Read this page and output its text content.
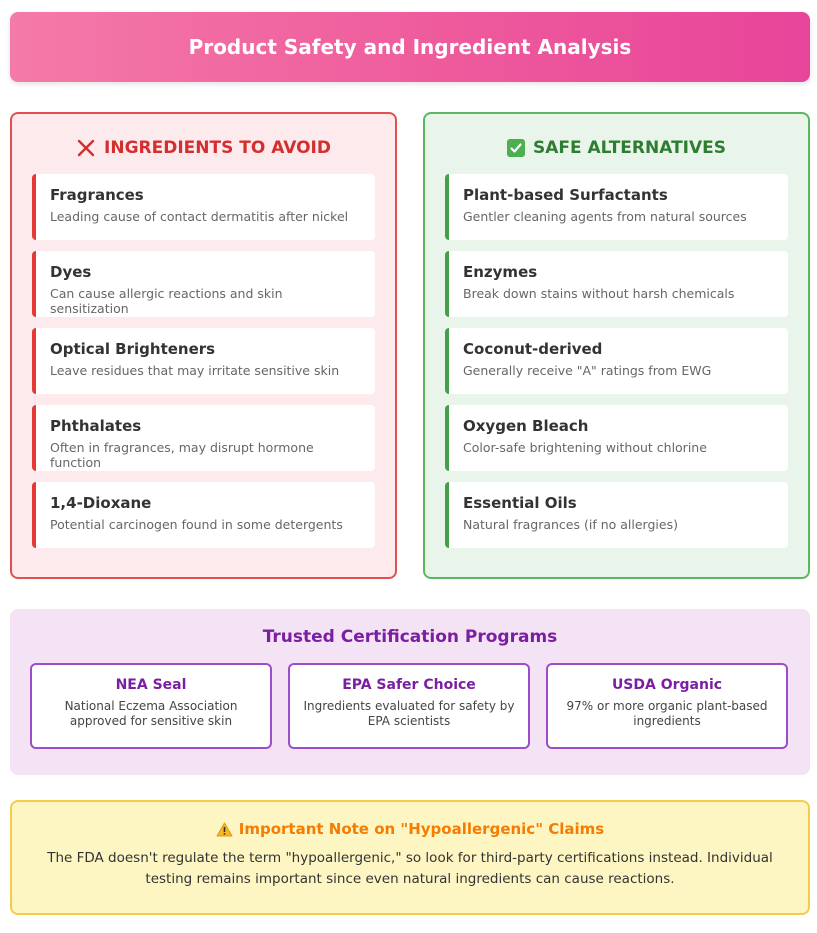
Product Safety and Ingredient Analysis
INGREDIENTS TO AVOID
Fragrances
Leading cause of contact dermatitis after nickel
Dyes
Can cause allergic reactions and skin sensitization
Optical Brighteners
Leave residues that may irritate sensitive skin
Phthalates
Often in fragrances, may disrupt hormone function
1,4-Dioxane
Potential carcinogen found in some detergents
SAFE ALTERNATIVES
Plant-based Surfactants
Gentler cleaning agents from natural sources
Enzymes
Break down stains without harsh chemicals
Coconut-derived
Generally receive "A" ratings from EWG
Oxygen Bleach
Color-safe brightening without chlorine
Essential Oils
Natural fragrances (if no allergies)
Trusted Certification Programs
NEA Seal
National Eczema Association approved for sensitive skin
EPA Safer Choice
Ingredients evaluated for safety by EPA scientists
USDA Organic
97% or more organic plant-based ingredients
Important Note on "Hypoallergenic" Claims
The FDA doesn't regulate the term "hypoallergenic," so look for third-party certifications instead. Individual testing remains important since even natural ingredients can cause reactions.
